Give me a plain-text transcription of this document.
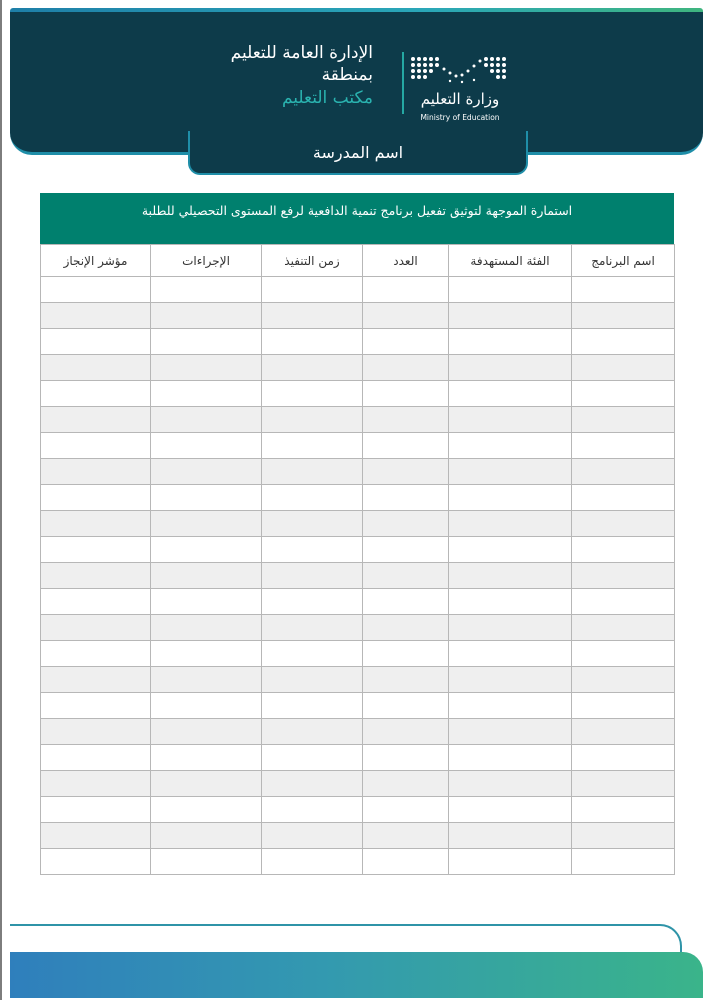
الإدارة العامة للتعليم
بمنطقة
مكتب التعليم	وزارة التعليم
Ministry of Education
اسم المدرسة
استمارة الموجهة لتوثيق تفعيل برنامج تنمية الدافعية لرفع المستوى التحصيلي للطلبة
اسم البرنامج	الفئة المستهدفة	العدد	زمن التنفيذ	الإجراءات	مؤشر الإنجاز
